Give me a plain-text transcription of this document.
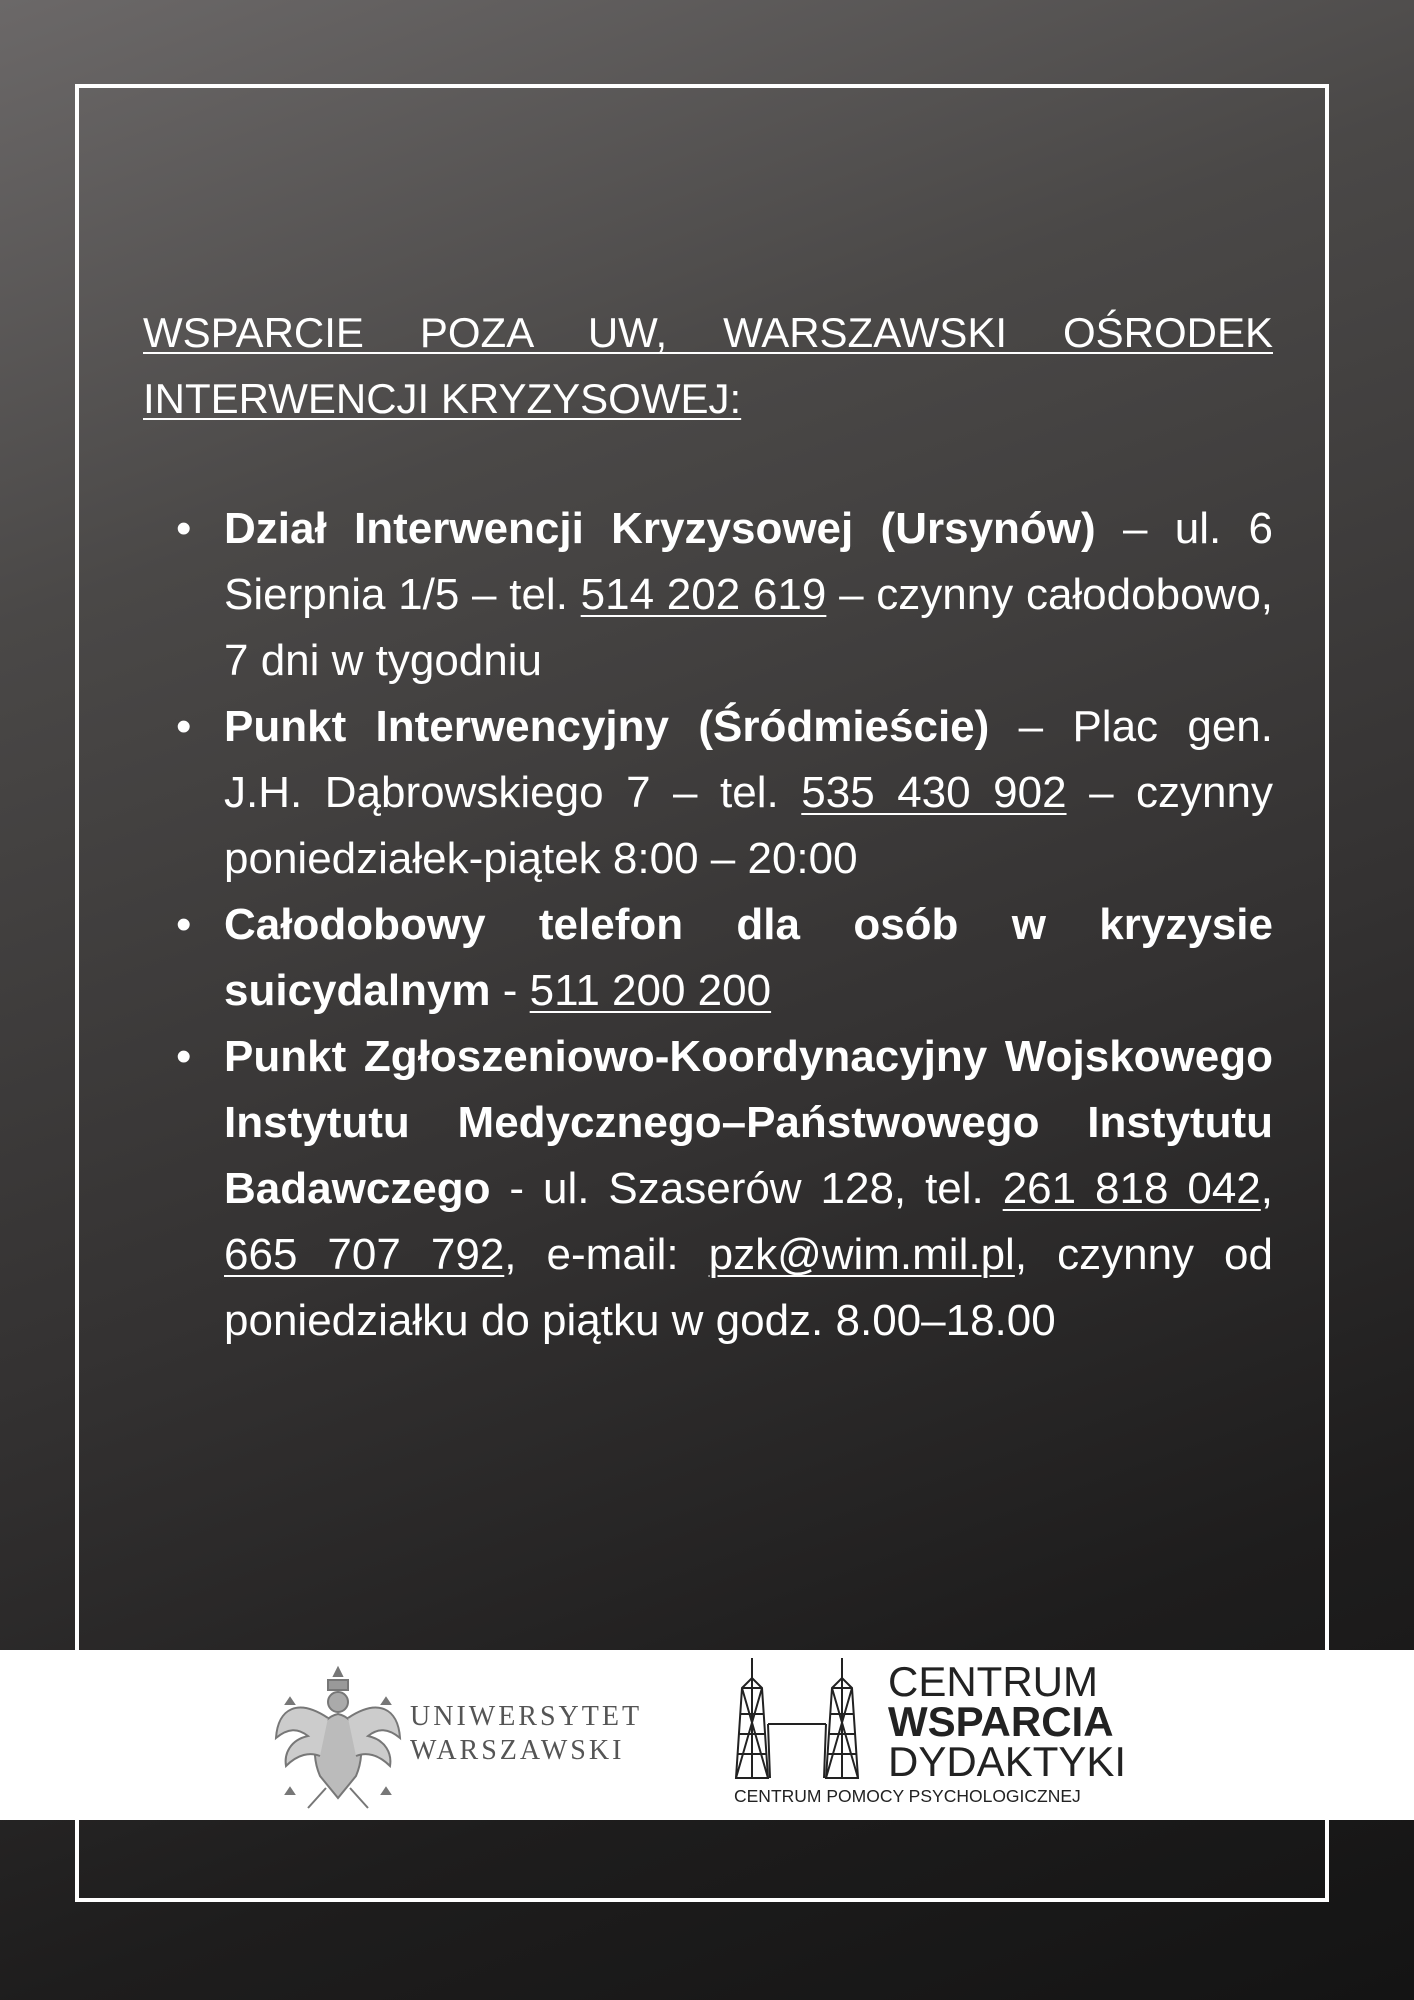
WSPARCIE POZA UW, WARSZAWSKI OŚRODEK INTERWENCJI KRYZYSOWEJ:
• Dział Interwencji Kryzysowej (Ursynów) – ul. 6 Sierpnia 1/5 – tel. 514 202 619 – czynny całodobowo, 7 dni w tygodniu
• Punkt Interwencyjny (Śródmieście) – Plac gen. J.H. Dąbrowskiego 7 – tel. 535 430 902 – czynny poniedziałek-piątek 8:00 – 20:00
• Całodobowy telefon dla osób w kryzysie suicydalnym - 511 200 200
• Punkt Zgłoszeniowo-Koordynacyjny Wojskowego Instytutu Medycznego–Państwowego Instytutu Badawczego - ul. Szaserów 128, tel. 261 818 042, 665 707 792, e-mail: pzk@wim.mil.pl, czynny od poniedziałku do piątku w godz. 8.00–18.00
UNIWERSYTET
WARSZAWSKI
CENTRUM
WSPARCIA
DYDAKTYKI
CENTRUM POMOCY PSYCHOLOGICZNEJ
